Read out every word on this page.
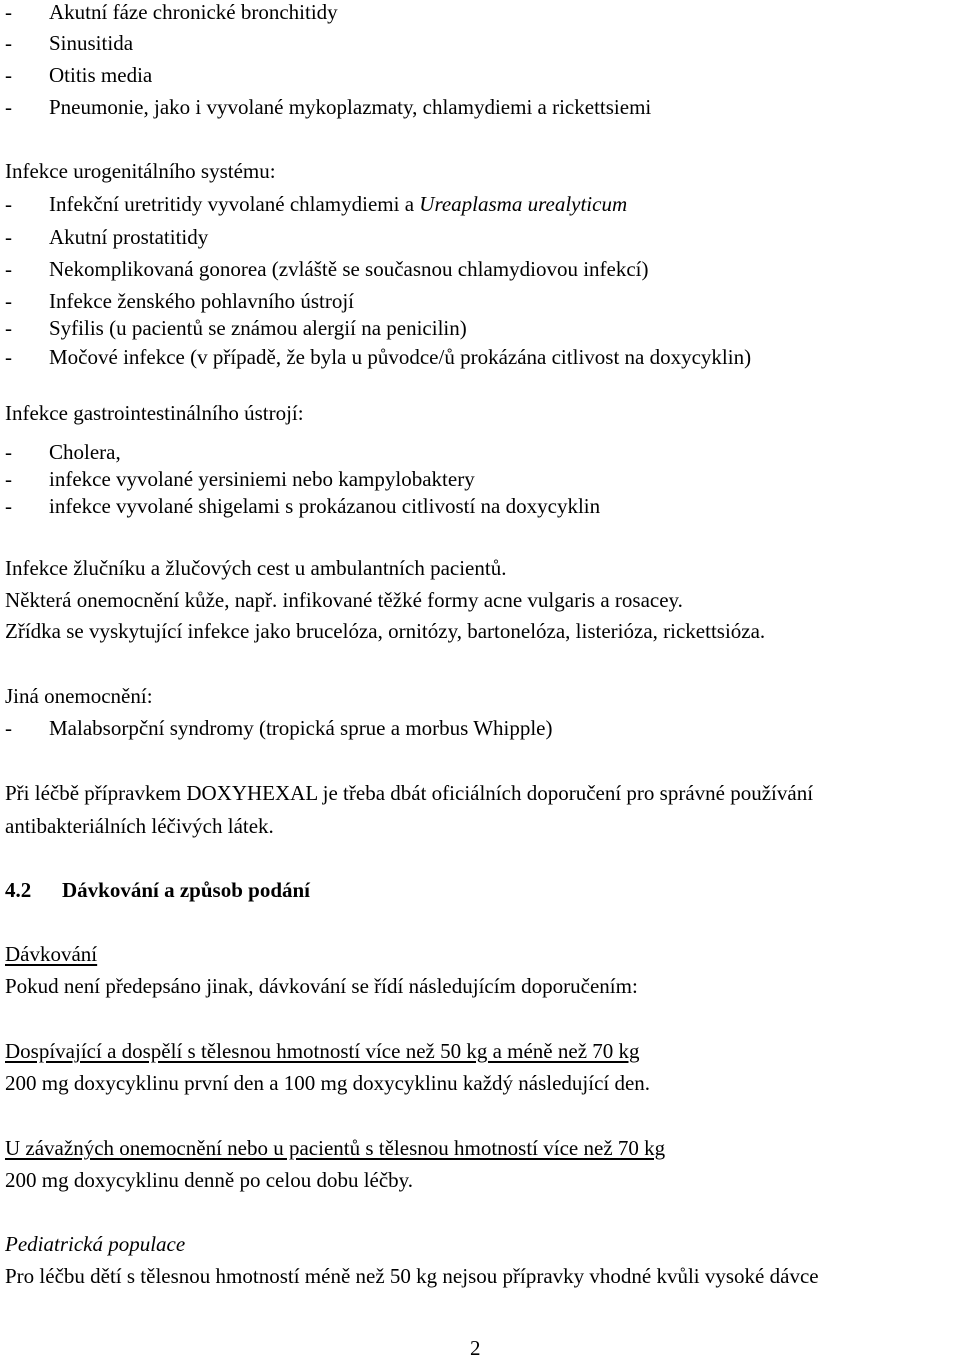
- Akutní fáze chronické bronchitidy
- Sinusitida
- Otitis media
- Pneumonie, jako i vyvolané mykoplazmaty, chlamydiemi a rickettsiemi
Infekce urogenitálního systému:
- Infekční uretritidy vyvolané chlamydiemi a Ureaplasma urealyticum
- Akutní prostatitidy
- Nekomplikovaná gonorea (zvláště se současnou chlamydiovou infekcí)
- Infekce ženského pohlavního ústrojí
- Syfilis (u pacientů se známou alergií na penicilin)
- Močové infekce (v případě, že byla u původce/ů prokázána citlivost na doxycyklin)
Infekce gastrointestinálního ústrojí:
- Cholera,
- infekce vyvolané yersiniemi nebo kampylobaktery
- infekce vyvolané shigelami s prokázanou citlivostí na doxycyklin
Infekce žlučníku a žlučových cest u ambulantních pacientů.
Některá onemocnění kůže, např. infikované těžké formy acne vulgaris a rosacey.
Zřídka se vyskytující infekce jako brucelóza, ornitózy, bartonelóza, listerióza, rickettsióza.
Jiná onemocnění:
- Malabsorpční syndromy (tropická sprue a morbus Whipple)
Při léčbě přípravkem DOXYHEXAL je třeba dbát oficiálních doporučení pro správné používání
antibakteriálních léčivých látek.
4.2 Dávkování a způsob podání
Dávkování
Pokud není předepsáno jinak, dávkování se řídí následujícím doporučením:
Dospívající a dospělí s tělesnou hmotností více než 50 kg a méně než 70 kg
200 mg doxycyklinu první den a 100 mg doxycyklinu každý následující den.
U závažných onemocnění nebo u pacientů s tělesnou hmotností více než 70 kg
200 mg doxycyklinu denně po celou dobu léčby.
Pediatrická populace
Pro léčbu dětí s tělesnou hmotností méně než 50 kg nejsou přípravky vhodné kvůli vysoké dávce
2
